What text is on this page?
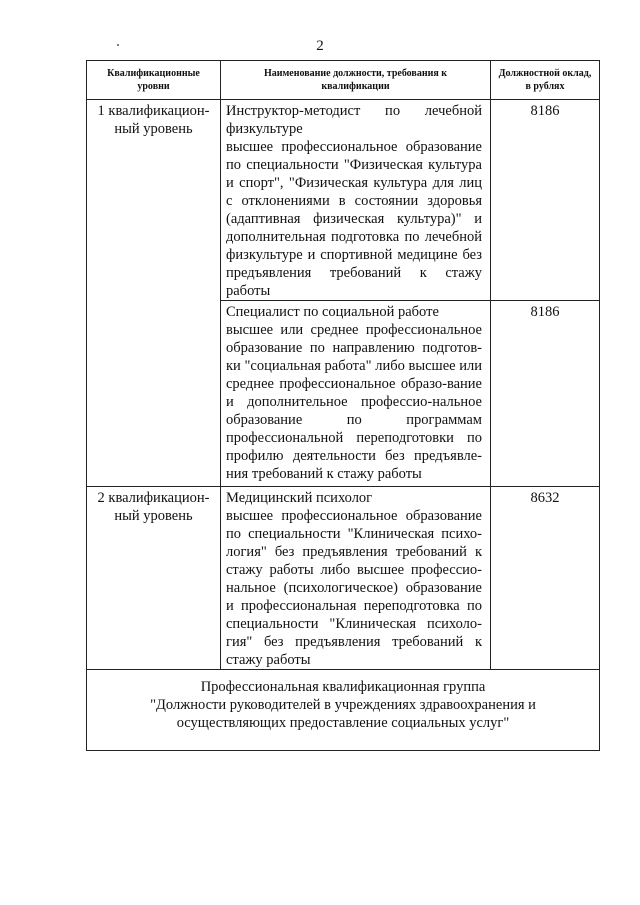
2
Квалификационные уровни	Наименование должности, требования к квалификации	Должностной оклад, в рублях
1 квалификацион-ный уровень	Инструктор-методист по лечебной физкультуре
высшее профессиональное образование по специальности "Физическая культура и спорт", "Физическая культура для лиц с отклонениями в состоянии здоровья (адаптивная физическая культура)" и дополнительная подготовка по лечебной физкультуре и спортивной медицине без предъявления требований к стажу работы	8186

	Специалист по социальной работе
высшее или среднее профессиональное образование по направлению подготов-ки "социальная работа" либо высшее или среднее профессиональное образо-вание и дополнительное профессио-нальное образование по программам профессиональной переподготовки по профилю деятельности без предъявле-ния требований к стажу работы	8186
2 квалификацион-ный уровень	Медицинский психолог
высшее профессиональное образование по специальности "Клиническая психо-логия" без предъявления требований к стажу работы либо высшее профессио-нальное (психологическое) образование и профессиональная переподготовка по специальности "Клиническая психоло-гия" без предъявления требований к стажу работы	8632

Профессиональная квалификационная группа
"Должности руководителей в учреждениях здравоохранения и
осуществляющих предоставление социальных услуг"		
